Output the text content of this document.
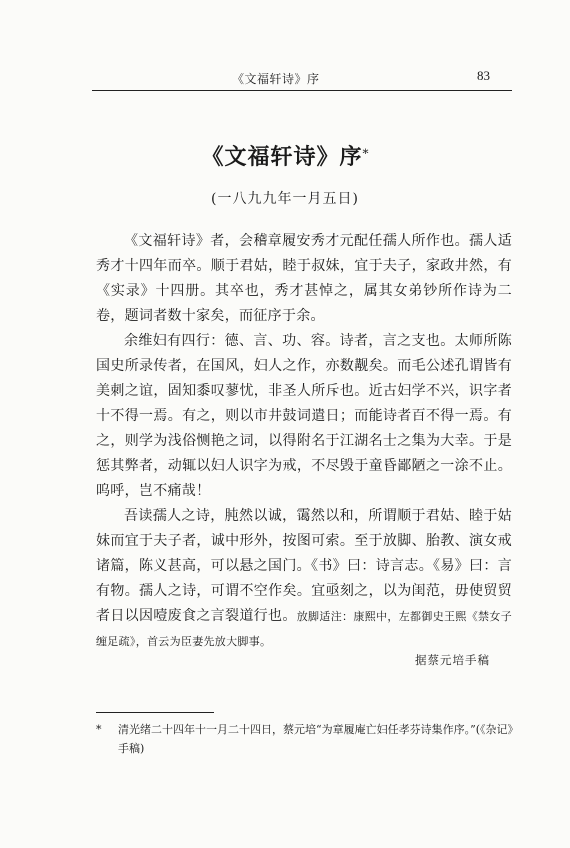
《文福轩诗》序	83
《文福轩诗》序*
(一八九九年一月五日)

《文福轩诗》者，会稽章履安秀才元配任孺人所作也。孺人适秀才十四年而卒。顺于君姑，睦于叔妹，宜于夫子，家政井然，有《实录》十四册。其卒也，秀才甚悼之，属其女弟钞所作诗为二卷，题词者数十家矣，而征序于余。

余维妇有四行：德、言、功、容。诗者，言之支也。太师所陈国史所录传者，在国风，妇人之作，亦数觏矣。而毛公述孔谓皆有美刺之谊，固知黍叹蓼忧，非圣人所斥也。近古妇学不兴，识字者十不得一焉。有之，则以市井鼓词遣日；而能诗者百不得一焉。有之，则学为浅俗恻艳之词，以得附名于江湖名士之集为大幸。于是惩其弊者，动辄以妇人识字为戒，不尽毁于童昏鄙陋之一涂不止。呜呼，岂不痛哉！

吾读孺人之诗，肫然以诚，霭然以和，所谓顺于君姑、睦于姑妹而宜于夫子者，诚中形外，按图可索。至于放脚、胎教、演女戒诸篇，陈义甚高，可以悬之国门。《书》曰：诗言志。《易》曰：言有物。孺人之诗，可谓不空作矣。宜亟刻之，以为闺范，毋使贸贸者日以因噎废食之言裂道行也。放脚适注：康熙中，左都御史王熙《禁女子缠足疏》，首云为臣妻先放大脚事。

据蔡元培手稿
* 清光绪二十四年十一月二十四日，蔡元培“为章履庵亡妇任孝芬诗集作序。”(《杂记》手稿)
